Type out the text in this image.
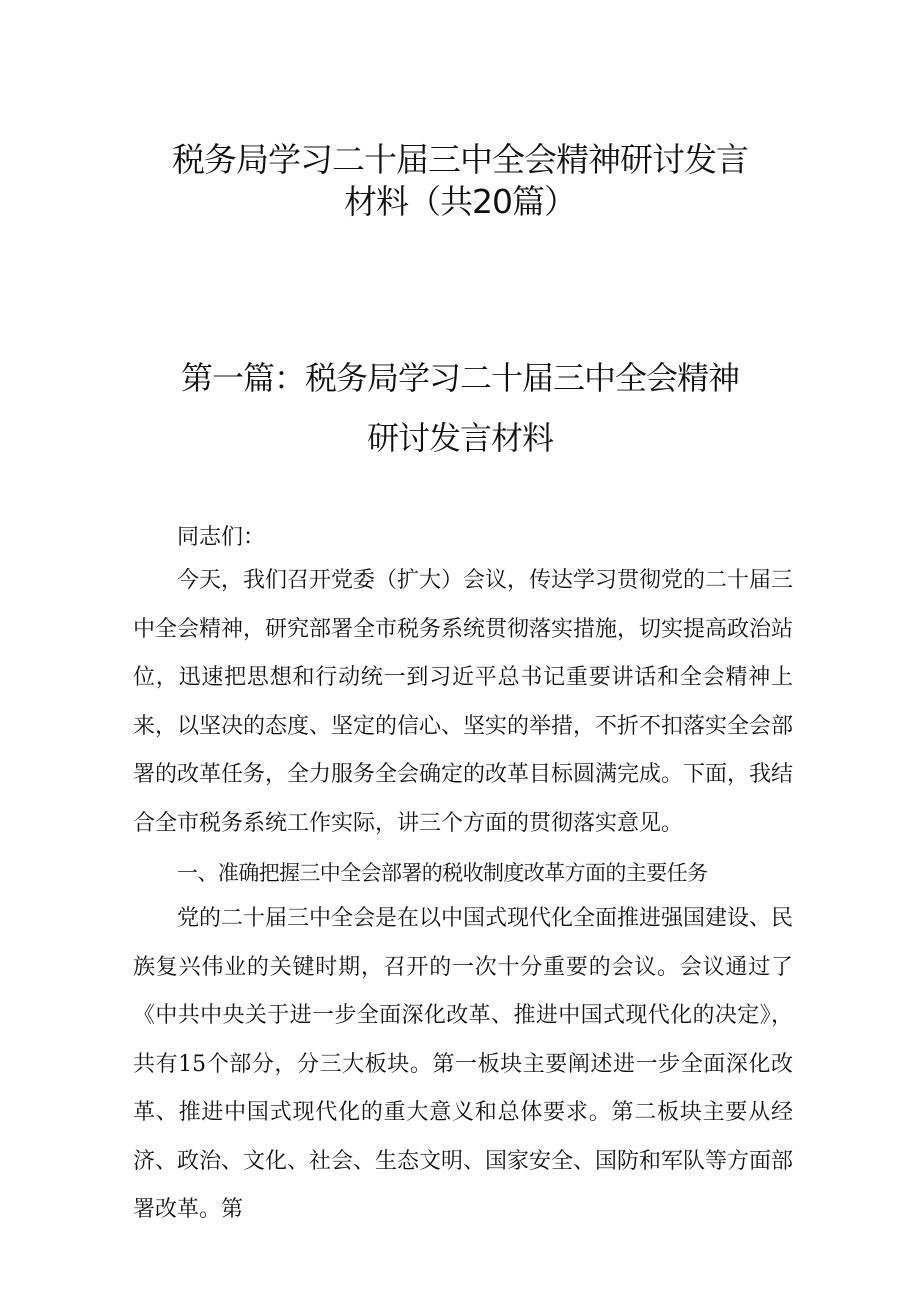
税务局学习二十届三中全会精神研讨发言
材料（共20篇）
第一篇：税务局学习二十届三中全会精神
研讨发言材料

同志们：

今天，我们召开党委（扩大）会议，传达学习贯彻党的二十届三中全会精神，研究部署全市税务系统贯彻落实措施，切实提高政治站位，迅速把思想和行动统一到习近平总书记重要讲话和全会精神上来，以坚决的态度、坚定的信心、坚实的举措，不折不扣落实全会部署的改革任务，全力服务全会确定的改革目标圆满完成。下面，我结合全市税务系统工作实际，讲三个方面的贯彻落实意见。

一、准确把握三中全会部署的税收制度改革方面的主要任务

党的二十届三中全会是在以中国式现代化全面推进强国建设、民族复兴伟业的关键时期，召开的一次十分重要的会议。会议通过了《中共中央关于进一步全面深化改革、推进中国式现代化的决定》，共有15个部分，分三大板块。第一板块主要阐述进一步全面深化改革、推进中国式现代化的重大意义和总体要求。第二板块主要从经济、政治、文化、社会、生态文明、国家安全、国防和军队等方面部署改革。第
